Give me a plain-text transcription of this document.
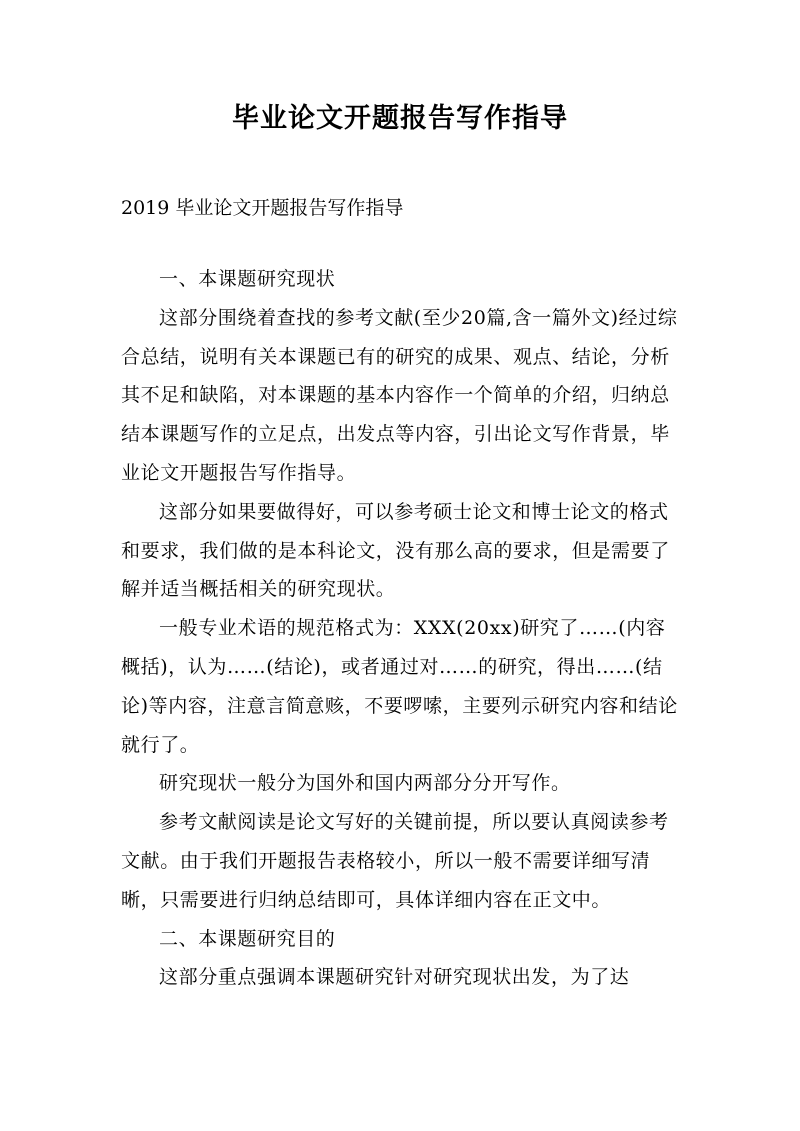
毕业论文开题报告写作指导
2019 毕业论文开题报告写作指导

一、本课题研究现状

这部分围绕着查找的参考文献(至少20篇,含一篇外文)经过综合总结，说明有关本课题已有的研究的成果、观点、结论，分析其不足和缺陷，对本课题的基本内容作一个简单的介绍，归纳总结本课题写作的立足点，出发点等内容，引出论文写作背景，毕业论文开题报告写作指导。

这部分如果要做得好，可以参考硕士论文和博士论文的格式和要求，我们做的是本科论文，没有那么高的要求，但是需要了解并适当概括相关的研究现状。

一般专业术语的规范格式为：XXX(20xx)研究了……(内容概括)，认为……(结论)，或者通过对……的研究，得出……(结论)等内容，注意言简意赅，不要啰嗦，主要列示研究内容和结论就行了。

研究现状一般分为国外和国内两部分分开写作。

参考文献阅读是论文写好的关键前提，所以要认真阅读参考文献。由于我们开题报告表格较小，所以一般不需要详细写清晰，只需要进行归纳总结即可，具体详细内容在正文中。

二、本课题研究目的

这部分重点强调本课题研究针对研究现状出发，为了达
